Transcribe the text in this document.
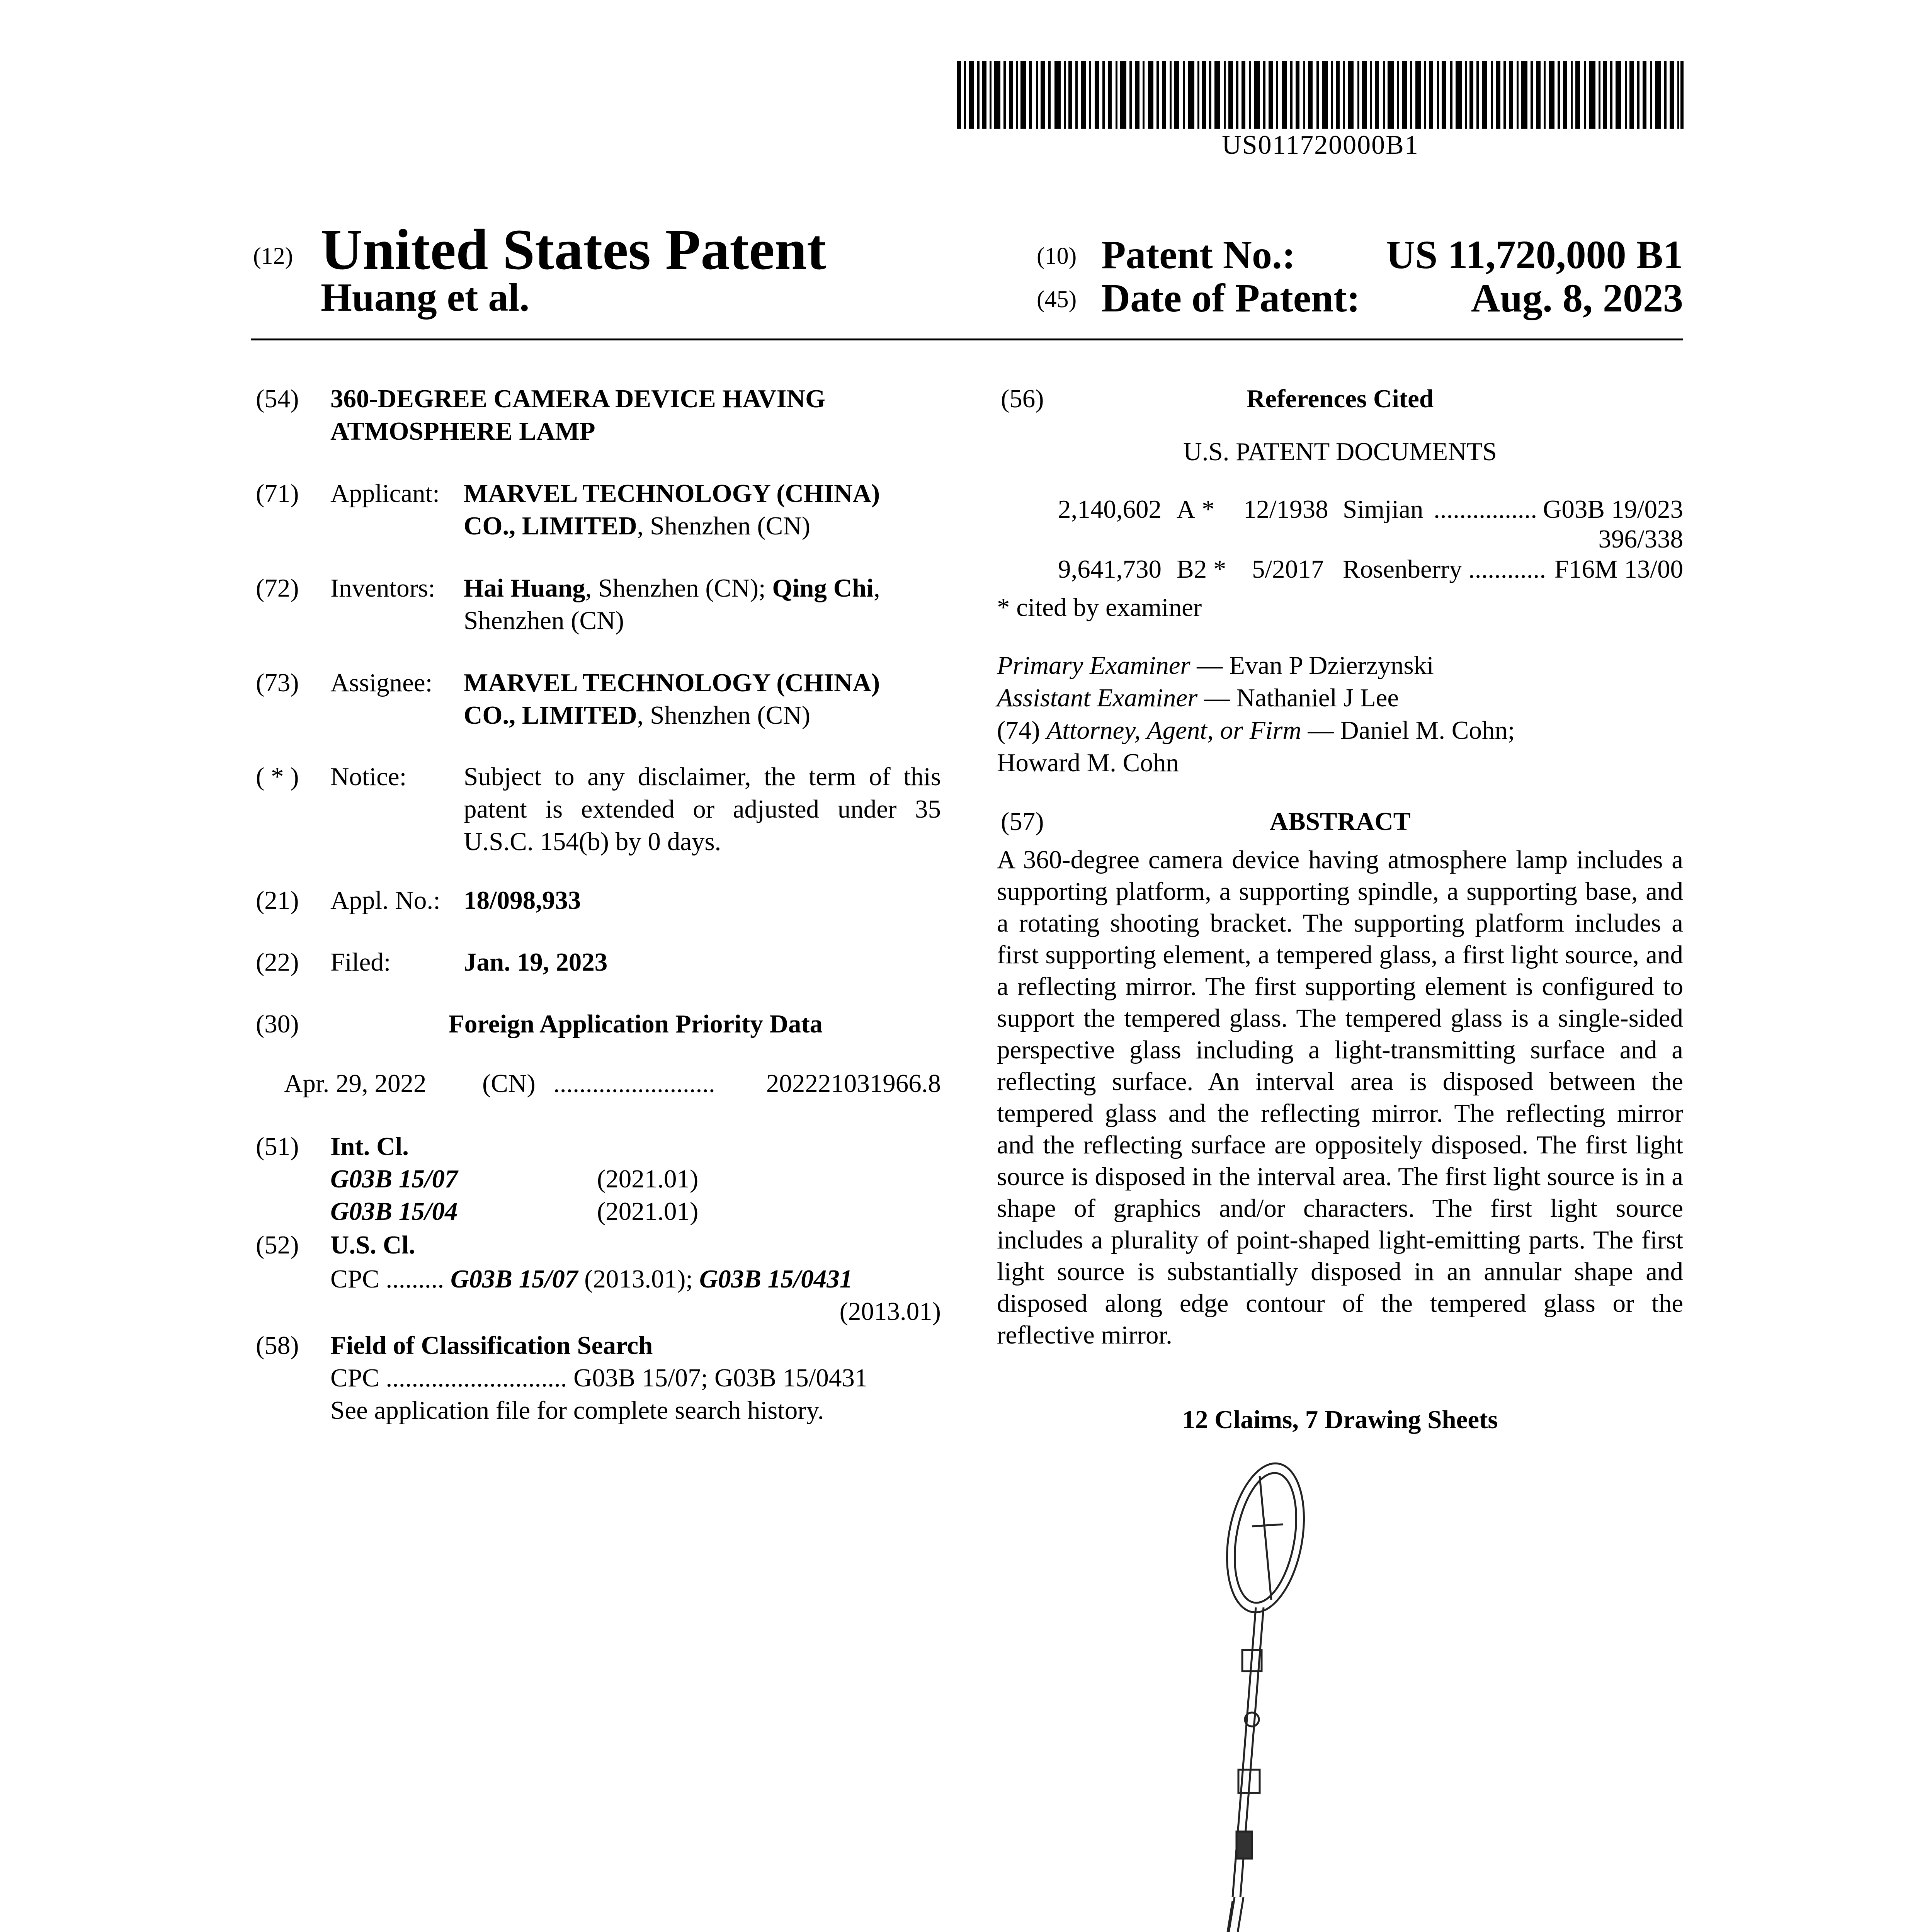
US011720000B1
(12) United States Patent
Huang et al.
(10) Patent No.:	US 11,720,000 B1
(45) Date of Patent:	Aug. 8, 2023
(54) 360-DEGREE CAMERA DEVICE HAVING
ATMOSPHERE LAMP
(71) Applicant: MARVEL TECHNOLOGY (CHINA)
CO., LIMITED, Shenzhen (CN)
(72) Inventors: Hai Huang, Shenzhen (CN); Qing Chi,
Shenzhen (CN)
(73) Assignee: MARVEL TECHNOLOGY (CHINA)
CO., LIMITED, Shenzhen (CN)
( * ) Notice: Subject to any disclaimer, the term of this patent is extended or adjusted under 35 U.S.C. 154(b) by 0 days.
(21) Appl. No.: 18/098,933
(22) Filed:	Jan. 19, 2023
(30)	Foreign Application Priority Data
Apr. 29, 2022 (CN) .........................	202221031966.8
(51) Int. Cl.
G03B 15/07	(2021.01)
G03B 15/04	(2021.01)
(52) U.S. Cl.
CPC ......... G03B 15/07 (2013.01); G03B 15/0431
(2013.01)
(58) Field of Classification Search
CPC ............................ G03B 15/07; G03B 15/0431
See application file for complete search history.
(56)	References Cited
U.S. PATENT DOCUMENTS
2,140,602 A * 12/1938 Simjian ................ G03B 19/023
396/338
9,641,730 B2 * 5/2017 Rosenberry ............ F16M 13/00
* cited by examiner
Primary Examiner — Evan P Dzierzynski
Assistant Examiner — Nathaniel J Lee
(74) Attorney, Agent, or Firm — Daniel M. Cohn;
Howard M. Cohn
(57)	ABSTRACT
A 360-degree camera device having atmosphere lamp includes a supporting platform, a supporting spindle, a supporting base, and a rotating shooting bracket. The supporting platform includes a first supporting element, a tempered glass, a first light source, and a reflecting mirror. The first supporting element is configured to support the tempered glass. The tempered glass is a single-sided perspective glass including a light-transmitting surface and a reflecting surface. An interval area is disposed between the tempered glass and the reflecting mirror. The reflecting mirror and the reflecting surface are oppositely disposed. The first light source is disposed in the interval area. The first light source is in a shape of graphics and/or characters. The first light source includes a plurality of point-shaped light-emitting parts. The first light source is substantially disposed in an annular shape and disposed along edge contour of the tempered glass or the reflective mirror.
12 Claims, 7 Drawing Sheets
